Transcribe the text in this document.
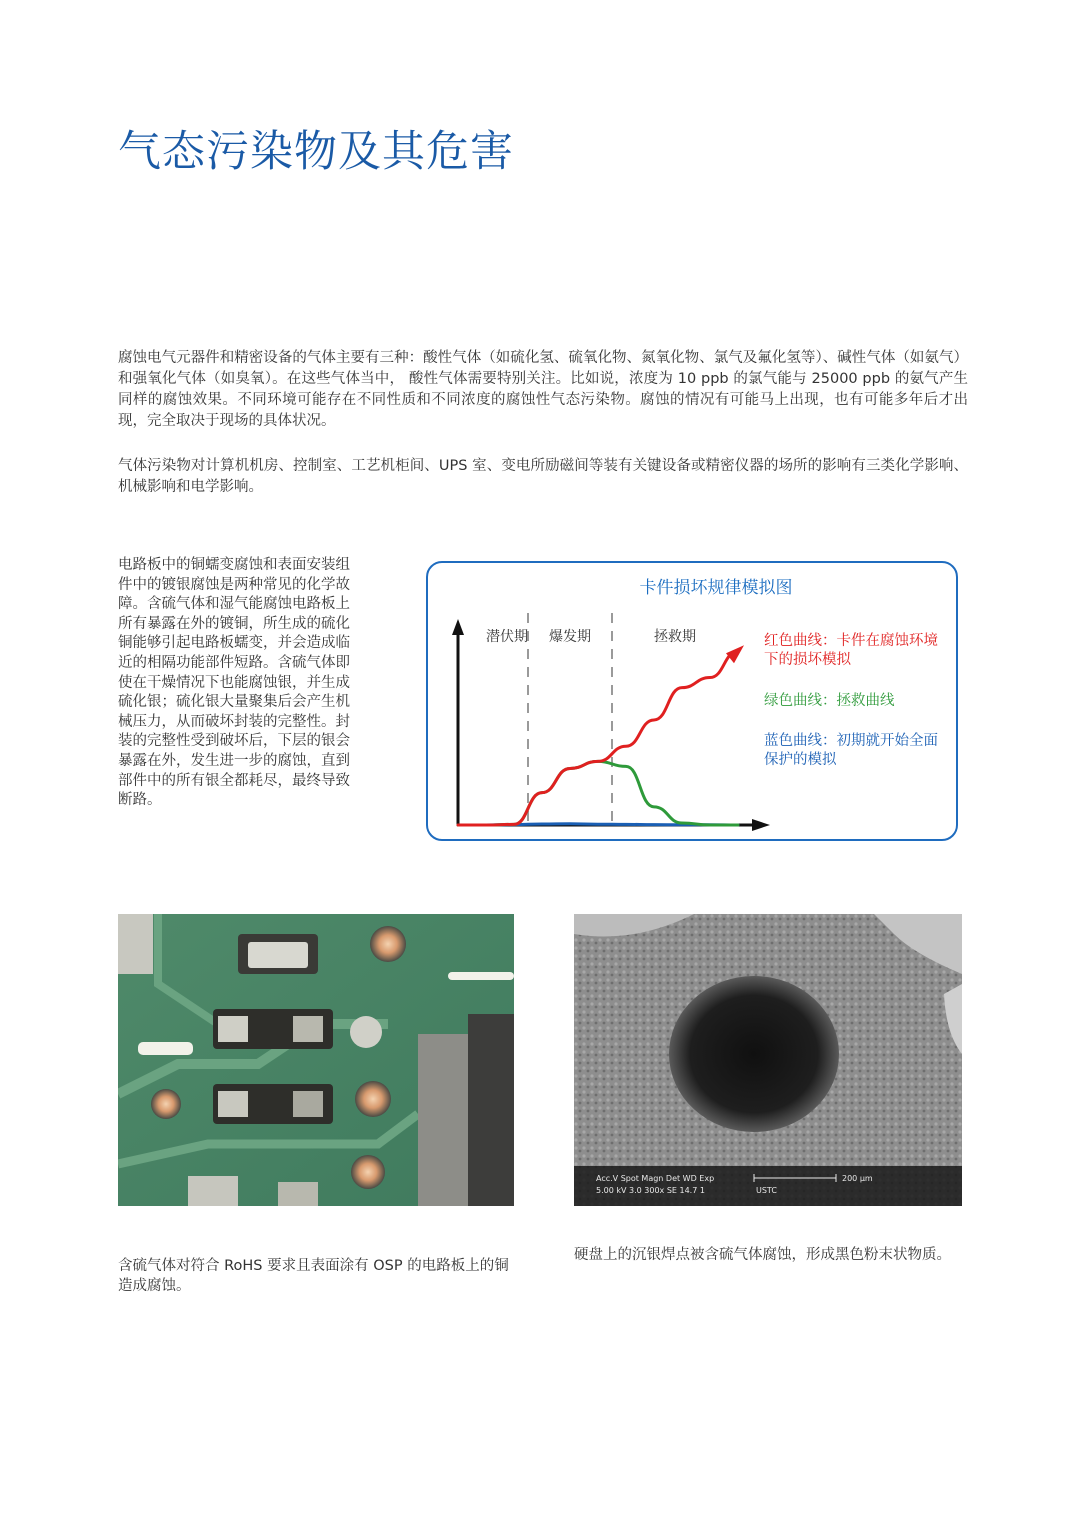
气态污染物及其危害

腐蚀电气元器件和精密设备的气体主要有三种：酸性气体（如硫化氢、硫氧化物、氮氧化物、氯气及氟化氢等）、碱性气体（如氨气）和强氧化气体（如臭氧）。在这些气体当中， 酸性气体需要特别关注。比如说，浓度为 10 ppb 的氯气能与 25000 ppb 的氨气产生同样的腐蚀效果。不同环境可能存在不同性质和不同浓度的腐蚀性气态污染物。腐蚀的情况有可能马上出现，也有可能多年后才出现，完全取决于现场的具体状况。

气体污染物对计算机机房、控制室、工艺机柜间、UPS 室、变电所励磁间等装有关键设备或精密仪器的场所的影响有三类化学影响、机械影响和电学影响。

电路板中的铜蠕变腐蚀和表面安装组件中的镀银腐蚀是两种常见的化学故障。含硫气体和湿气能腐蚀电路板上所有暴露在外的镀铜，所生成的硫化铜能够引起电路板蠕变，并会造成临近的相隔功能部件短路。含硫气体即使在干燥情况下也能腐蚀银，并生成硫化银；硫化银大量聚集后会产生机械压力，从而破坏封装的完整性。封装的完整性受到破坏后，下层的银会暴露在外，发生进一步的腐蚀，直到部件中的所有银全都耗尽，最终导致断路。

卡件损坏规律模拟图
潜伏期 爆发期	拯救期	红色曲线：卡件在腐蚀环境下的损坏模拟
绿色曲线：拯救曲线
蓝色曲线：初期就开始全面保护的模拟
Acc.V Spot Magn Det WD Exp
5.00 kV 3.0 300x SE 14.7 1
200 μm
USTC

含硫气体对符合 RoHS 要求且表面涂有 OSP 的电路板上的铜造成腐蚀。

硬盘上的沉银焊点被含硫气体腐蚀，形成黑色粉末状物质。
